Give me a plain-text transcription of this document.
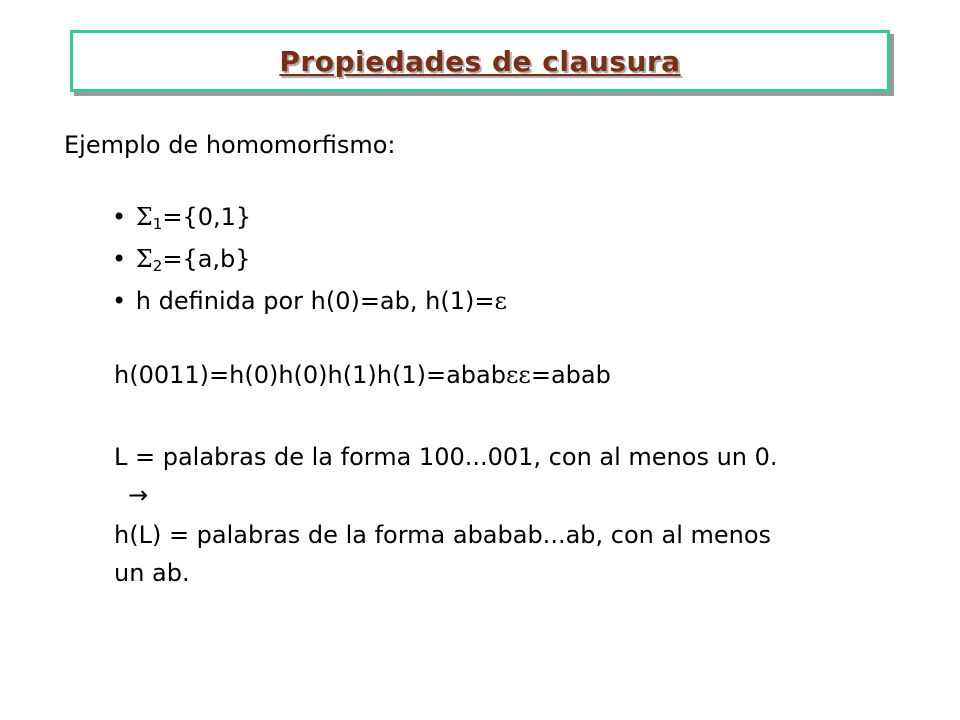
Propiedades de clausura
Ejemplo de homomorfismo:
• $\Sigma_1=\{0,1\}$
• $\Sigma_2=\{a,b\}$
• h definida por h(0)=ab, h(1)=ε
h(0011)=h(0)h(0)h(1)h(1)=ababεε=abab
L = palabras de la forma 100...001, con al menos un 0.
→
h(L) = palabras de la forma ababab...ab, con al menos
un ab.
